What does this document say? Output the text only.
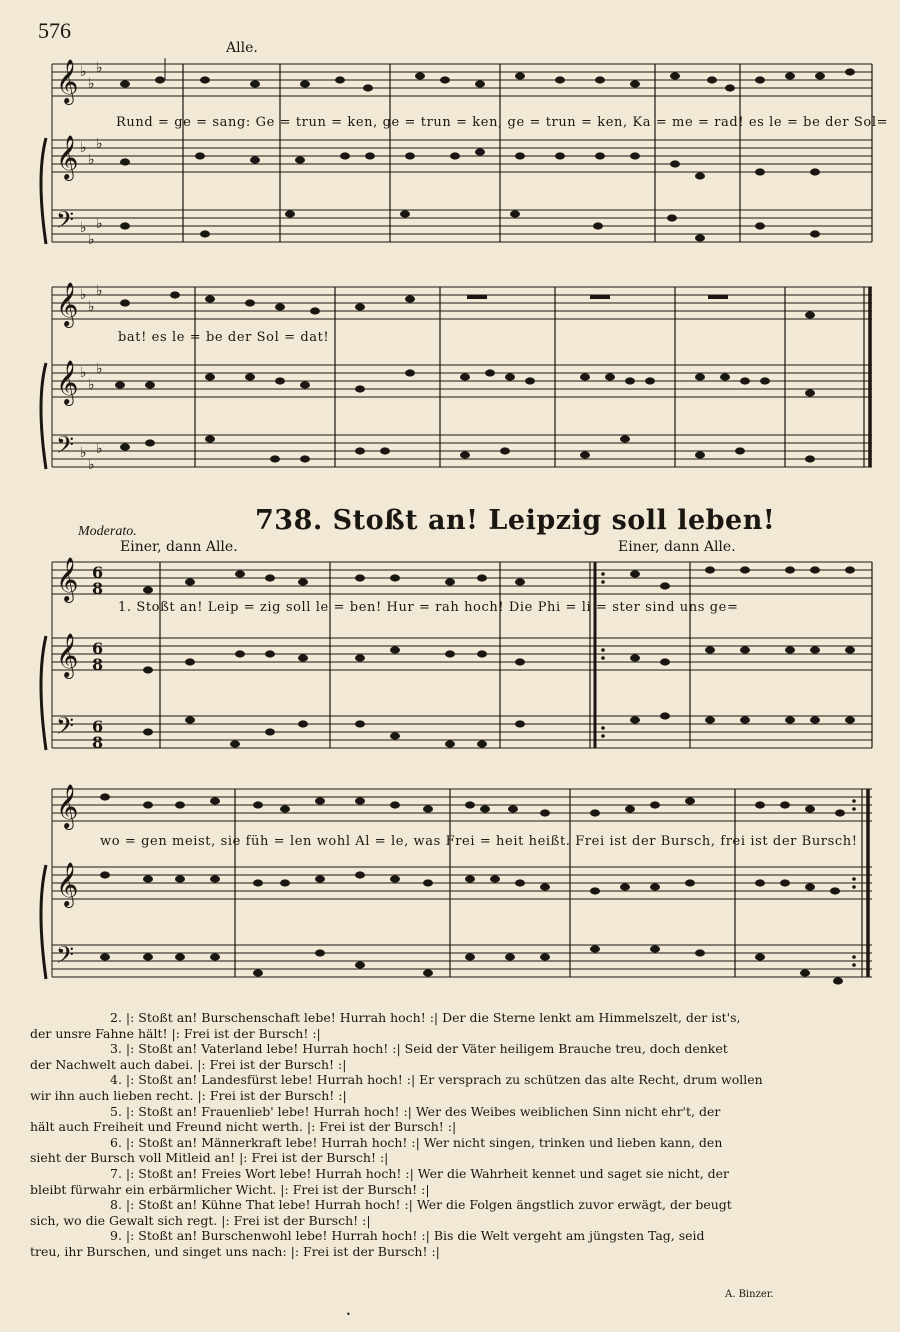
576
Alle.
𝄞
𝄞
𝄢
♭
♭
♭
♭
♭
♭
♭
♭
♭
Rund = ge = sang: Ge = trun = ken, ge = trun = ken, ge = trun = ken, Ka = me = rad! es le = be der Sol=
𝄞
𝄞
𝄢
♭
♭
♭
♭
♭
♭
♭
♭
♭
bat! es le = be der Sol = dat!
738. Stoßt an! Leipzig soll leben!
Moderato.
Einer, dann Alle.	Einer, dann Alle.
𝄞
𝄞
𝄢
6
8
6
8
6
8
1. Stoßt an! Leip = zig soll le = ben! Hur = rah hoch! Die Phi = li = ster sind uns ge=
𝄞
𝄞
𝄢
wo = gen meist, sie füh = len wohl Al = le, was Frei = heit heißt. Frei ist der Bursch, frei ist der Bursch!

2. |: Stoßt an! Burschenschaft lebe! Hurrah hoch! :| Der die Sterne lenkt am Himmelszelt, der ist's,

der unsre Fahne hält! |: Frei ist der Bursch! :|

3. |: Stoßt an! Vaterland lebe! Hurrah hoch! :| Seid der Väter heiligem Brauche treu, doch denket

der Nachwelt auch dabei. |: Frei ist der Bursch! :|

4. |: Stoßt an! Landesfürst lebe! Hurrah hoch! :| Er versprach zu schützen das alte Recht, drum wollen

wir ihn auch lieben recht. |: Frei ist der Bursch! :|

5. |: Stoßt an! Frauenlieb' lebe! Hurrah hoch! :| Wer des Weibes weiblichen Sinn nicht ehr't, der

hält auch Freiheit und Freund nicht werth. |: Frei ist der Bursch! :|

6. |: Stoßt an! Männerkraft lebe! Hurrah hoch! :| Wer nicht singen, trinken und lieben kann, den

sieht der Bursch voll Mitleid an! |: Frei ist der Bursch! :|

7. |: Stoßt an! Freies Wort lebe! Hurrah hoch! :| Wer die Wahrheit kennet und saget sie nicht, der

bleibt fürwahr ein erbärmlicher Wicht. |: Frei ist der Bursch! :|

8. |: Stoßt an! Kühne That lebe! Hurrah hoch! :| Wer die Folgen ängstlich zuvor erwägt, der beugt

sich, wo die Gewalt sich regt. |: Frei ist der Bursch! :|

9. |: Stoßt an! Burschenwohl lebe! Hurrah hoch! :| Bis die Welt vergeht am jüngsten Tag, seid

treu, ihr Burschen, und singet uns nach: |: Frei ist der Bursch! :|

A. Binzer.
•
